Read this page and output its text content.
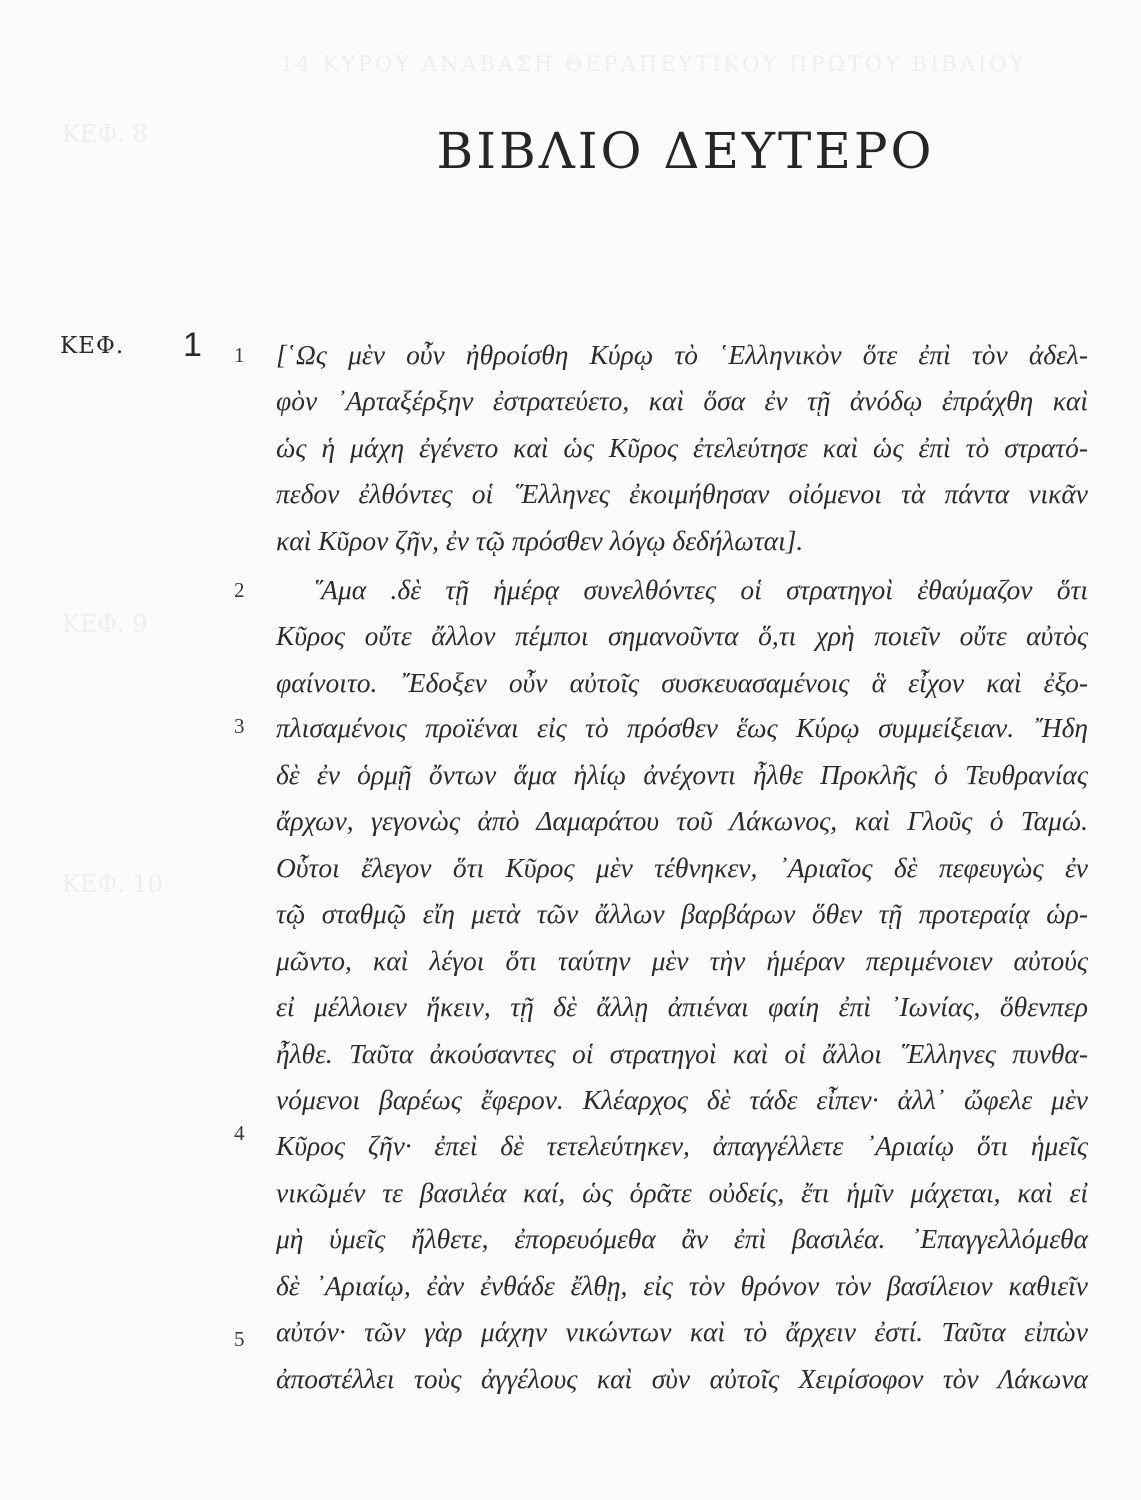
14 ΚΥΡΟΥ ΑΝΑΒΑΣΗ ΘΕΡΑΠΕΥΤΙΚΟΥ ΠΡΩΤΟΥ ΒΙΒΛΙΟΥ
ΚΕΦ. 8
ΚΕΦ. 9
ΚΕΦ. 10
ΒΙΒΛΙΟ ΔΕΥΤΕΡΟ
ΚΕΦ. 1 1
2
3
4
5
[῾Ως μὲν οὖν ἠθροίσθη Κύρῳ τὸ ῾Ελληνικὸν ὅτε ἐπὶ τὸν ἀδελ-
φὸν ᾿Αρταξέρξην ἐστρατεύετο, καὶ ὅσα ἐν τῇ ἀνόδῳ ἐπράχθη καὶ
ὡς ἡ μάχη ἐγένετο καὶ ὡς Κῦρος ἐτελεύτησε καὶ ὡς ἐπὶ τὸ στρατό-
πεδον ἐλθόντες οἱ ῞Ελληνες ἐκοιμήθησαν οἰόμενοι τὰ πάντα νικᾶν
καὶ Κῦρον ζῆν, ἐν τῷ πρόσθεν λόγῳ δεδήλωται].
῞Αμα .δὲ τῇ ἡμέρᾳ συνελθόντες οἱ στρατηγοὶ ἐθαύμαζον ὅτι
Κῦρος οὔτε ἄλλον πέμποι σημανοῦντα ὅ,τι χρὴ ποιεῖν οὔτε αὐτὸς
φαίνοιτο. ῎Εδοξεν οὖν αὐτοῖς συσκευασαμένοις ἃ εἶχον καὶ ἐξο-
πλισαμένοις προϊέναι εἰς τὸ πρόσθεν ἕως Κύρῳ συμμείξειαν. ῎Ηδη
δὲ ἐν ὁρμῇ ὄντων ἅμα ἡλίῳ ἀνέχοντι ἦλθε Προκλῆς ὁ Τευθρανίας
ἄρχων, γεγονὼς ἀπὸ Δαμαράτου τοῦ Λάκωνος, καὶ Γλοῦς ὁ Ταμώ.
Οὗτοι ἔλεγον ὅτι Κῦρος μὲν τέθνηκεν, ᾿Αριαῖος δὲ πεφευγὼς ἐν
τῷ σταθμῷ εἴη μετὰ τῶν ἄλλων βαρβάρων ὅθεν τῇ προτεραίᾳ ὡρ-
μῶντο, καὶ λέγοι ὅτι ταύτην μὲν τὴν ἡμέραν περιμένοιεν αὐτούς
εἰ μέλλοιεν ἥκειν, τῇ δὲ ἄλλῃ ἀπιέναι φαίη ἐπὶ ᾿Ιωνίας, ὅθενπερ
ἦλθε. Ταῦτα ἀκούσαντες οἱ στρατηγοὶ καὶ οἱ ἄλλοι ῞Ελληνες πυνθα-
νόμενοι βαρέως ἔφερον. Κλέαρχος δὲ τάδε εἶπεν· ἀλλ᾿ ὤφελε μὲν
Κῦρος ζῆν· ἐπεὶ δὲ τετελεύτηκεν, ἀπαγγέλλετε ᾿Αριαίῳ ὅτι ἡμεῖς
νικῶμέν τε βασιλέα καί, ὡς ὁρᾶτε οὐδείς, ἔτι ἡμῖν μάχεται, καὶ εἰ
μὴ ὑμεῖς ἤλθετε, ἐπορευόμεθα ἂν ἐπὶ βασιλέα. ᾿Επαγγελλόμεθα
δὲ ᾿Αριαίῳ, ἐὰν ἐνθάδε ἔλθῃ, εἰς τὸν θρόνον τὸν βασίλειον καθιεῖν
αὐτόν· τῶν γὰρ μάχην νικώντων καὶ τὸ ἄρχειν ἐστί. Ταῦτα εἰπὼν
ἀποστέλλει τοὺς ἀγγέλους καὶ σὺν αὐτοῖς Χειρίσοφον τὸν Λάκωνα
